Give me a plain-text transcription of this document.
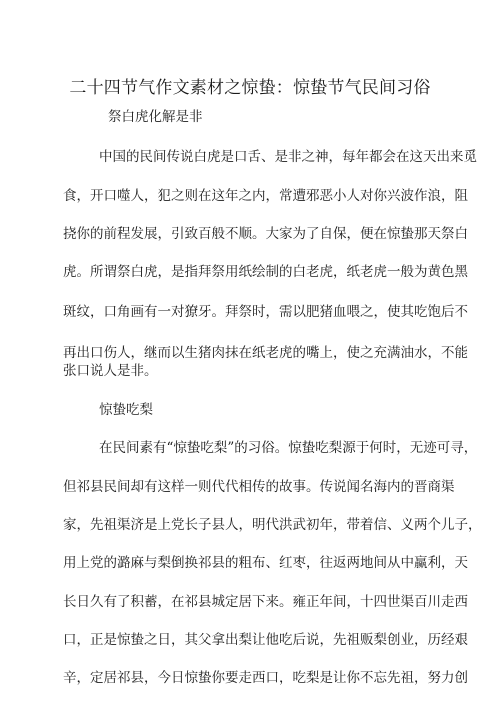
二十四节气作文素材之惊蛰：惊蛰节气民间习俗
祭白虎化解是非
中国的民间传说白虎是口舌、是非之神，每年都会在这天出来觅
食，开口噬人，犯之则在这年之内，常遭邪恶小人对你兴波作浪，阻
挠你的前程发展，引致百般不顺。大家为了自保，便在惊蛰那天祭白
虎。所谓祭白虎，是指拜祭用纸绘制的白老虎，纸老虎一般为黄色黑
斑纹，口角画有一对獠牙。拜祭时，需以肥猪血喂之，使其吃饱后不
再出口伤人，继而以生猪肉抹在纸老虎的嘴上，使之充满油水，不能
张口说人是非。
惊蛰吃梨
在民间素有“惊蛰吃梨”的习俗。惊蛰吃梨源于何时，无迹可寻，
但祁县民间却有这样一则代代相传的故事。传说闻名海内的晋商渠
家，先祖渠济是上党长子县人，明代洪武初年，带着信、义两个儿子，
用上党的潞麻与梨倒换祁县的粗布、红枣，往返两地间从中赢利，天
长日久有了积蓄，在祁县城定居下来。雍正年间，十四世渠百川走西
口，正是惊蛰之日，其父拿出梨让他吃后说，先祖贩梨创业，历经艰
辛，定居祁县，今日惊蛰你要走西口，吃梨是让你不忘先祖，努力创
